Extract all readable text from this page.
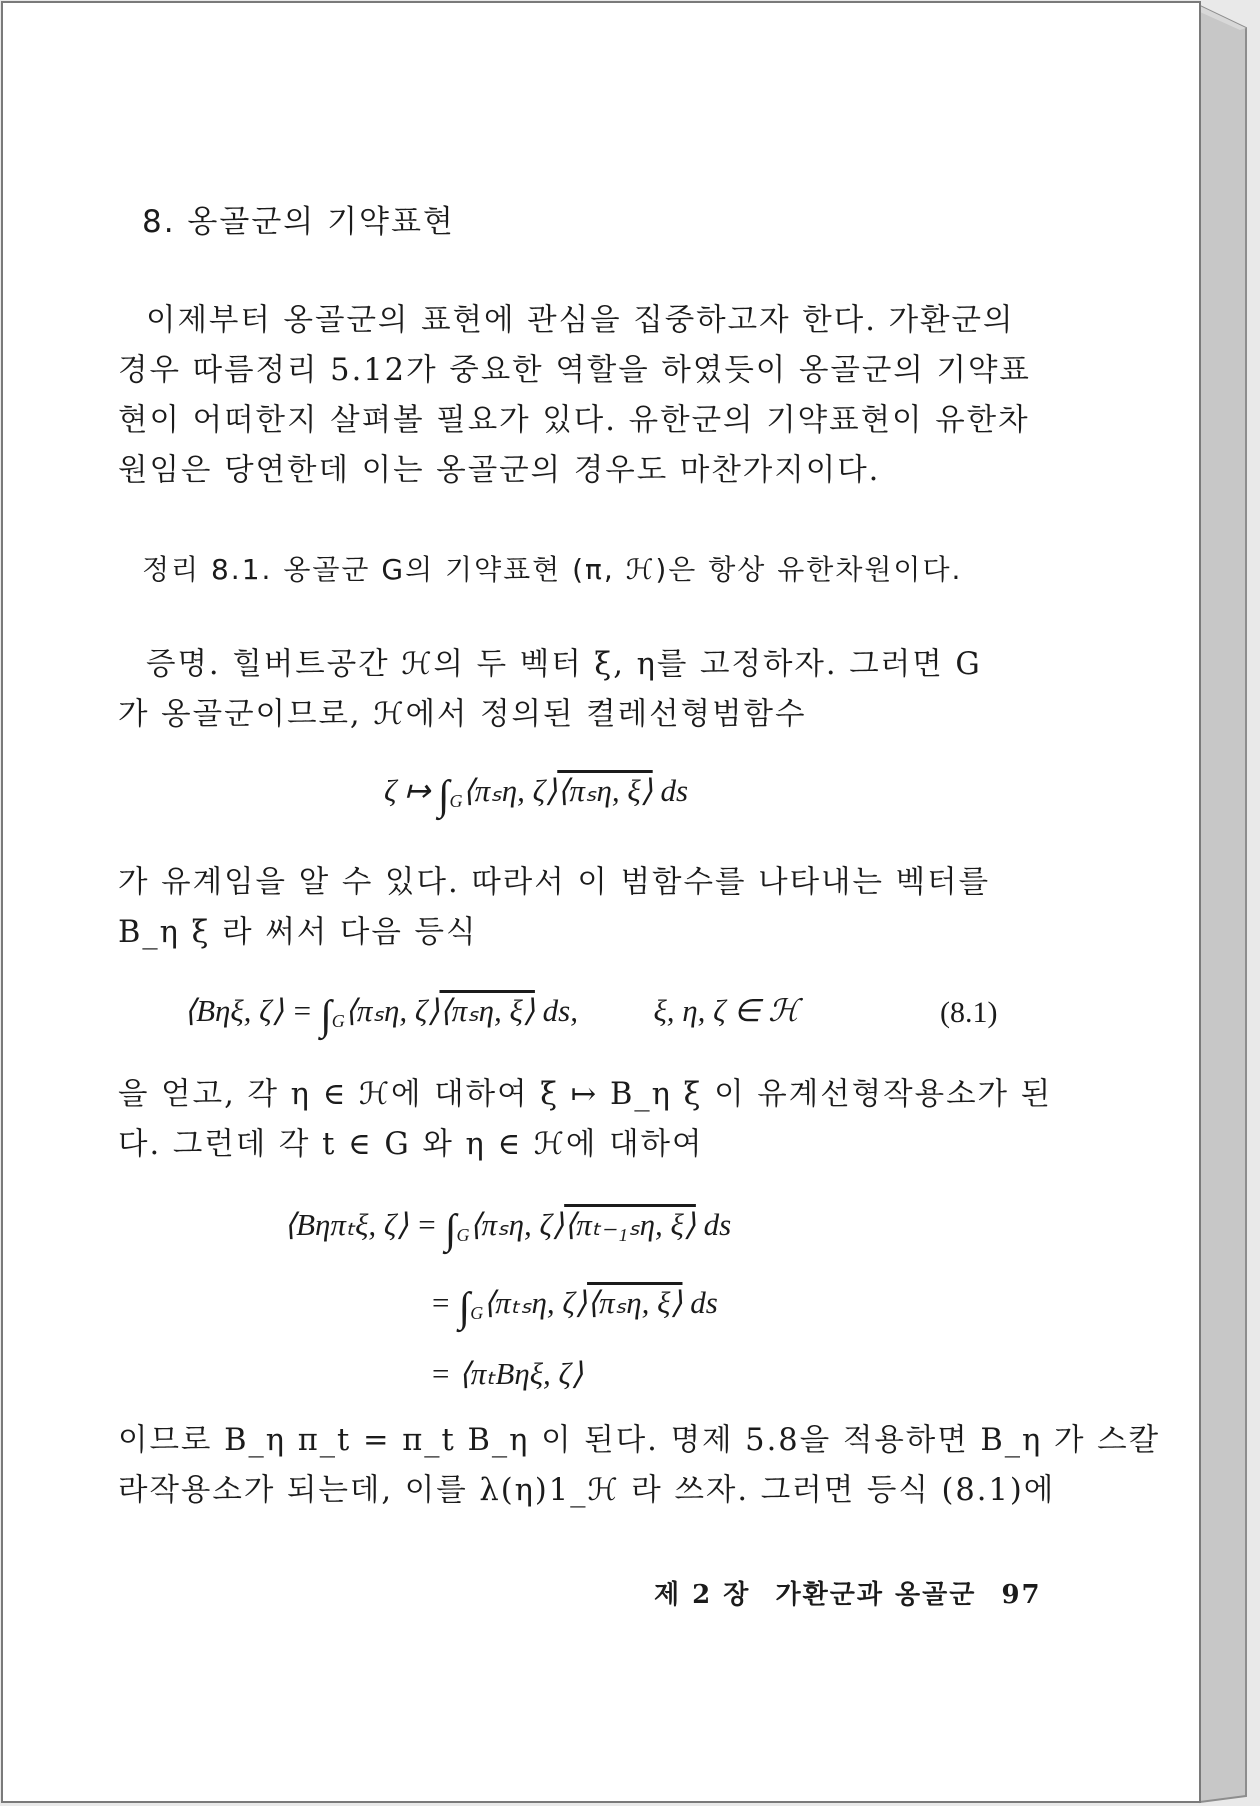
8. 옹골군의 기약표현
이제부터 옹골군의 표현에 관심을 집중하고자 한다. 가환군의
경우 따름정리 5.12가 중요한 역할을 하였듯이 옹골군의 기약표
현이 어떠한지 살펴볼 필요가 있다. 유한군의 기약표현이 유한차
원임은 당연한데 이는 옹골군의 경우도 마찬가지이다.
정리 8.1. 옹골군 G의 기약표현 (π, ℋ)은 항상 유한차원이다.
증명. 힐버트공간 ℋ의 두 벡터 ξ, η를 고정하자. 그러면 G
가 옹골군이므로, ℋ에서 정의된 켤레선형범함수
ζ ↦ $\int_G⟨\pi_s\eta$, ζ⟩⟨πₛη, ξ⟩ ds
가 유계임을 알 수 있다. 따라서 이 범함수를 나타내는 벡터를
B_η ξ 라 써서 다음 등식
⟨Bηξ, ζ⟩ = $\int_G⟨\pi_s\eta$, ζ⟩⟨πₛη, ξ⟩ ds, ξ, η, ζ ∈ ℋ	(8.1)
을 얻고, 각 η ∈ ℋ에 대하여 ξ ↦ B_η ξ 이 유계선형작용소가 된
다. 그런데 각 t ∈ G 와 η ∈ ℋ에 대하여
⟨Bηπₜξ, ζ⟩ = $\int_G⟨\pi_s\eta$, ζ⟩⟨πₜ₋₁ₛη, ξ⟩ ds
= $\int_G⟨\pi_{ts}\eta$, ζ⟩⟨πₛη, ξ⟩ ds
= ⟨πₜBηξ, ζ⟩
이므로 B_η π_t = π_t B_η 이 된다. 명제 5.8을 적용하면 B_η 가 스칼
라작용소가 되는데, 이를 λ(η)1_ℋ 라 쓰자. 그러면 등식 (8.1)에
제 2 장 가환군과 옹골군 97
